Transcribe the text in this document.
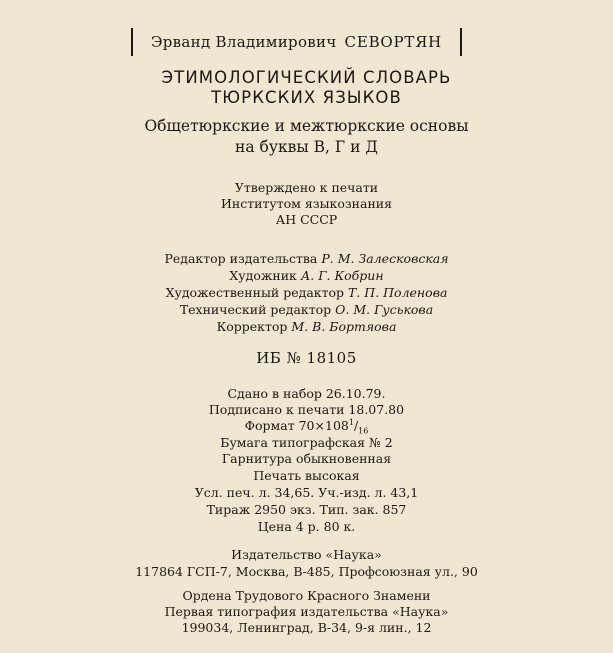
Эрванд Владимирович СЕВОРТЯН
ЭТИМОЛОГИЧЕСКИЙ СЛОВАРЬ
ТЮРКСКИХ ЯЗЫКОВ
Общетюркские и межтюркские основы
на буквы В, Г и Д
Утверждено к печати
Институтом языкознания
АН СССР
Редактор издательства Р. М. Залесковская
Художник А. Г. Кобрин
Художественный редактор Т. П. Поленова
Технический редактор О. М. Гуськова
Корректор М. В. Бортяова
ИБ № 18105
Сдано в набор 26.10.79.
Подписано к печати 18.07.80
Формат $70\times 108^1/_{16}$
Бумага типографская № 2
Гарнитура обыкновенная
Печать высокая
Усл. печ. л. 34,65. Уч.-изд. л. 43,1
Тираж 2950 экз. Тип. зак. 857
Цена 4 р. 80 к.
Издательство «Наука»
117864 ГСП-7, Москва, В-485, Профсоюзная ул., 90
Ордена Трудового Красного Знамени
Первая типография издательства «Наука»
199034, Ленинград, В-34, 9-я лин., 12
